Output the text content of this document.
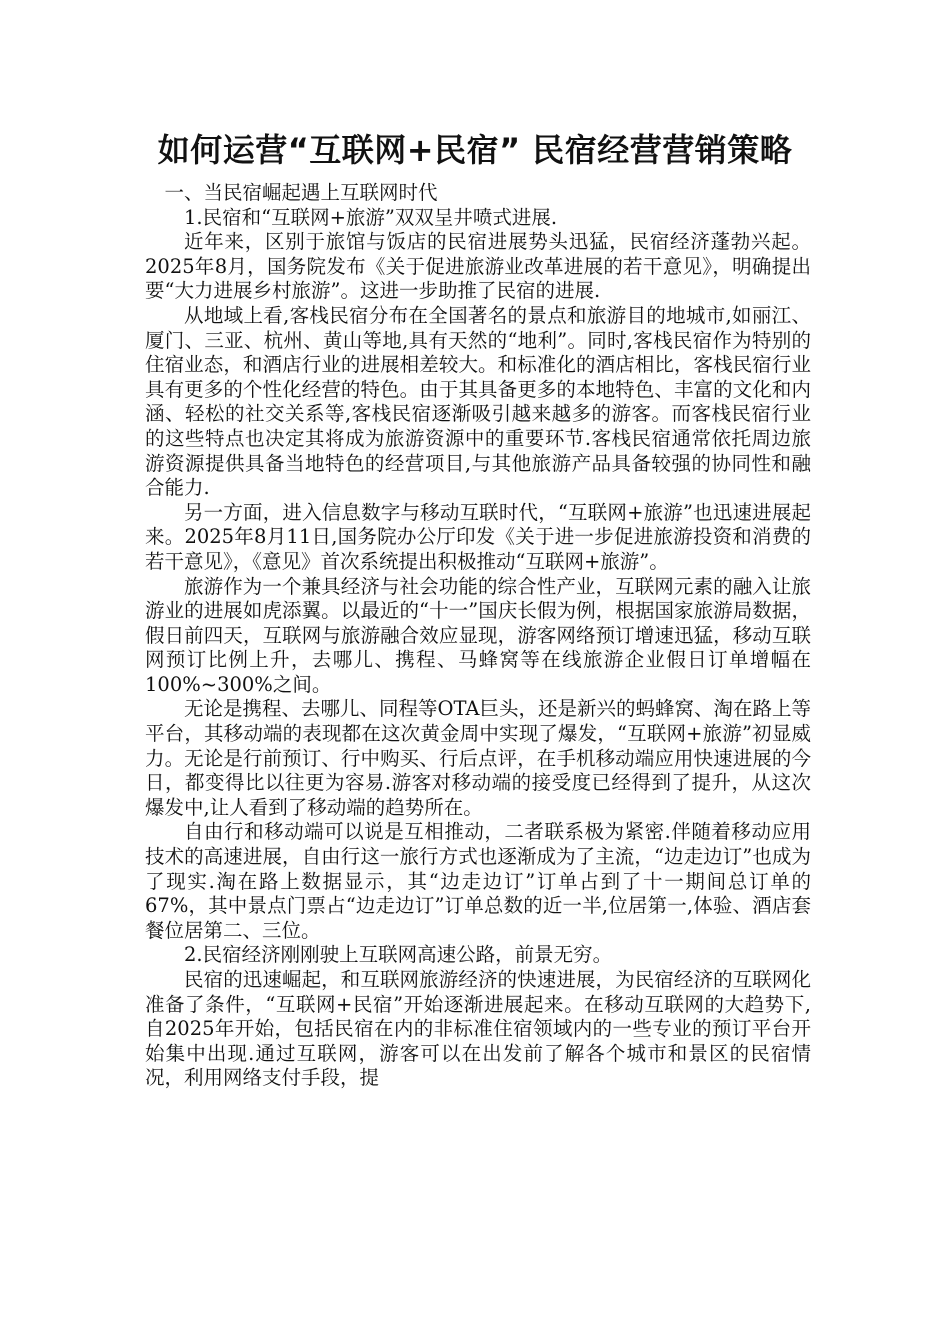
如何运营“互联网+民宿” 民宿经营营销策略

一、当民宿崛起遇上互联网时代

1.民宿和“互联网+旅游”双双呈井喷式进展.

近年来，区别于旅馆与饭店的民宿进展势头迅猛，民宿经济蓬勃兴起。2025年8月，国务院发布《关于促进旅游业改革进展的若干意见》，明确提出要“大力进展乡村旅游”。这进一步助推了民宿的进展.

从地域上看,客栈民宿分布在全国著名的景点和旅游目的地城市,如丽江、厦门、三亚、杭州、黄山等地,具有天然的“地利”。同时,客栈民宿作为特别的住宿业态，和酒店行业的进展相差较大。和标准化的酒店相比，客栈民宿行业具有更多的个性化经营的特色。由于其具备更多的本地特色、丰富的文化和内涵、轻松的社交关系等,客栈民宿逐渐吸引越来越多的游客。而客栈民宿行业的这些特点也决定其将成为旅游资源中的重要环节.客栈民宿通常依托周边旅游资源提供具备当地特色的经营项目,与其他旅游产品具备较强的协同性和融合能力.

另一方面，进入信息数字与移动互联时代，“互联网+旅游”也迅速进展起来。2025年8月11日,国务院办公厅印发《关于进一步促进旅游投资和消费的若干意见》，《意见》首次系统提出积极推动“互联网+旅游”。

旅游作为一个兼具经济与社会功能的综合性产业，互联网元素的融入让旅游业的进展如虎添翼。以最近的“十一”国庆长假为例，根据国家旅游局数据，假日前四天，互联网与旅游融合效应显现，游客网络预订增速迅猛，移动互联网预订比例上升，去哪儿、携程、马蜂窝等在线旅游企业假日订单增幅在100%~300%之间。

无论是携程、去哪儿、同程等OTA巨头，还是新兴的蚂蜂窝、淘在路上等平台，其移动端的表现都在这次黄金周中实现了爆发，“互联网+旅游”初显威力。无论是行前预订、行中购买、行后点评，在手机移动端应用快速进展的今日，都变得比以往更为容易.游客对移动端的接受度已经得到了提升，从这次爆发中,让人看到了移动端的趋势所在。

自由行和移动端可以说是互相推动，二者联系极为紧密.伴随着移动应用技术的高速进展，自由行这一旅行方式也逐渐成为了主流，“边走边订”也成为了现实.淘在路上数据显示，其“边走边订”订单占到了十一期间总订单的67%，其中景点门票占“边走边订”订单总数的近一半,位居第一,体验、酒店套餐位居第二、三位。

2.民宿经济刚刚驶上互联网高速公路，前景无穷。

民宿的迅速崛起，和互联网旅游经济的快速进展，为民宿经济的互联网化准备了条件，“互联网+民宿”开始逐渐进展起来。在移动互联网的大趋势下,自2025年开始，包括民宿在内的非标准住宿领域内的一些专业的预订平台开始集中出现.通过互联网，游客可以在出发前了解各个城市和景区的民宿情况，利用网络支付手段，提
